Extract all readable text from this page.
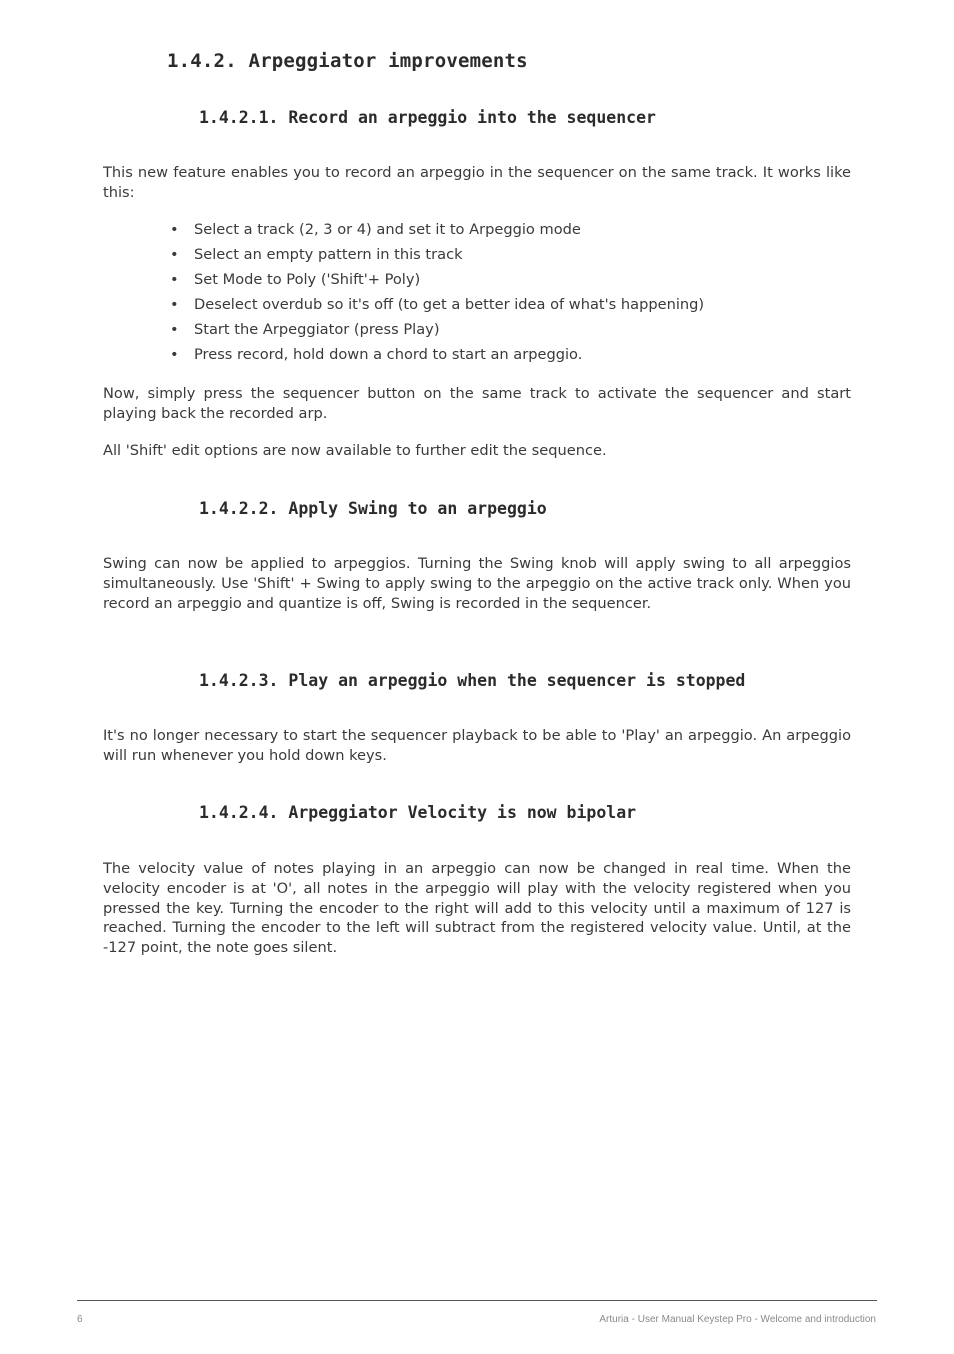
1.4.2. Arpeggiator improvements
1.4.2.1. Record an arpeggio into the sequencer

This new feature enables you to record an arpeggio in the sequencer on the same track. It works like this:

• Select a track (2, 3 or 4) and set it to Arpeggio mode
• Select an empty pattern in this track
• Set Mode to Poly ('Shift'+ Poly)
• Deselect overdub so it's off (to get a better idea of what's happening)
• Start the Arpeggiator (press Play)
• Press record, hold down a chord to start an arpeggio.

Now, simply press the sequencer button on the same track to activate the sequencer and start playing back the recorded arp.

All 'Shift' edit options are now available to further edit the sequence.

1.4.2.2. Apply Swing to an arpeggio

Swing can now be applied to arpeggios. Turning the Swing knob will apply swing to all arpeggios simultaneously. Use 'Shift' + Swing to apply swing to the arpeggio on the active track only. When you record an arpeggio and quantize is off, Swing is recorded in the sequencer.

1.4.2.3. Play an arpeggio when the sequencer is stopped

It's no longer necessary to start the sequencer playback to be able to 'Play' an arpeggio. An arpeggio will run whenever you hold down keys.

1.4.2.4. Arpeggiator Velocity is now bipolar

The velocity value of notes playing in an arpeggio can now be changed in real time. When the velocity encoder is at 'O', all notes in the arpeggio will play with the velocity registered when you pressed the key. Turning the encoder to the right will add to this velocity until a maximum of 127 is reached. Turning the encoder to the left will subtract from the registered velocity value. Until, at the -127 point, the note goes silent.

6	Arturia - User Manual Keystep Pro - Welcome and introduction
